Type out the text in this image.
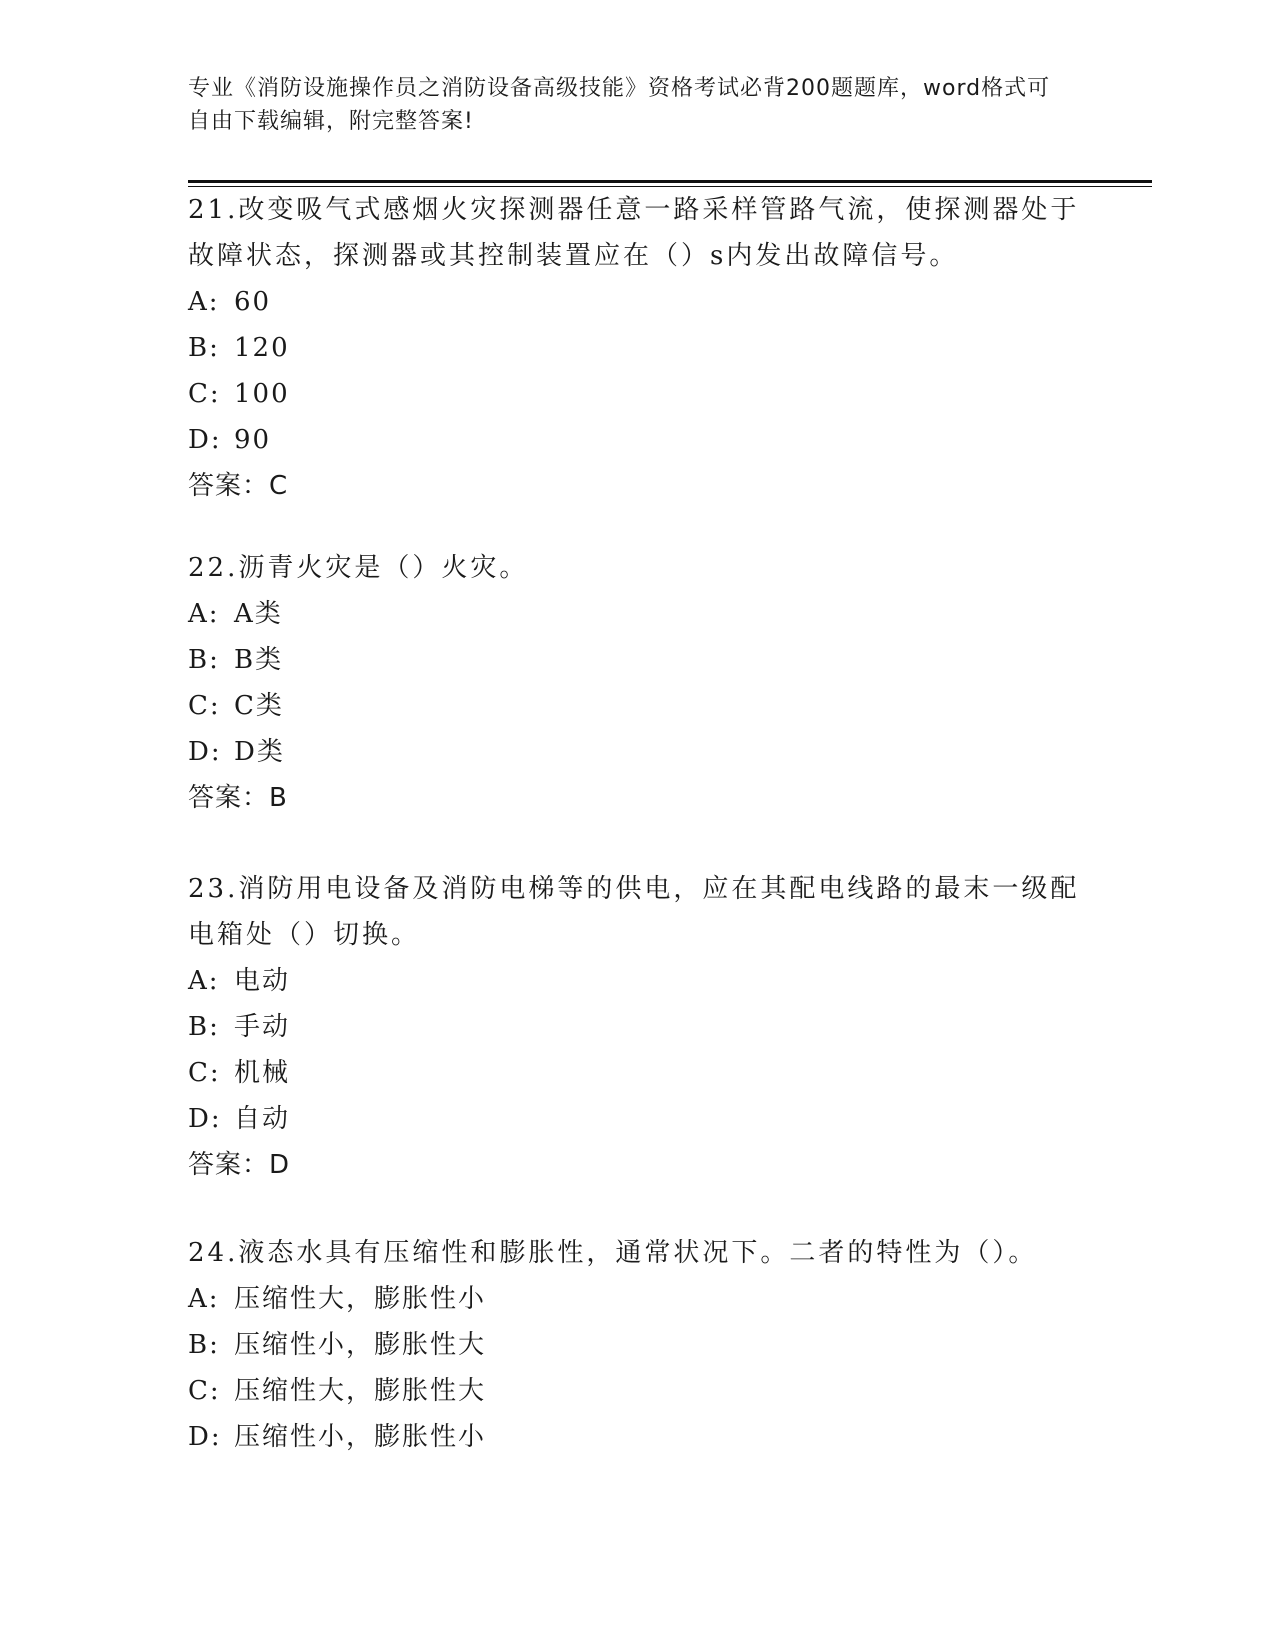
专业《消防设施操作员之消防设备高级技能》资格考试必背200题题库，word格式可自由下载编辑，附完整答案!

21.改变吸气式感烟火灾探测器任意一路采样管路气流，使探测器处于故障状态，探测器或其控制装置应在（）s内发出故障信号。

A: 60

B: 120

C: 100

D: 90

答案：C

22.沥青火灾是（）火灾。

A: A类

B: B类

C: C类

D: D类

答案：B

23.消防用电设备及消防电梯等的供电，应在其配电线路的最末一级配电箱处（）切换。

A: 电动

B: 手动

C: 机械

D: 自动

答案：D

24.液态水具有压缩性和膨胀性，通常状况下。二者的特性为（）。

A: 压缩性大，膨胀性小

B: 压缩性小，膨胀性大

C: 压缩性大，膨胀性大

D: 压缩性小，膨胀性小
